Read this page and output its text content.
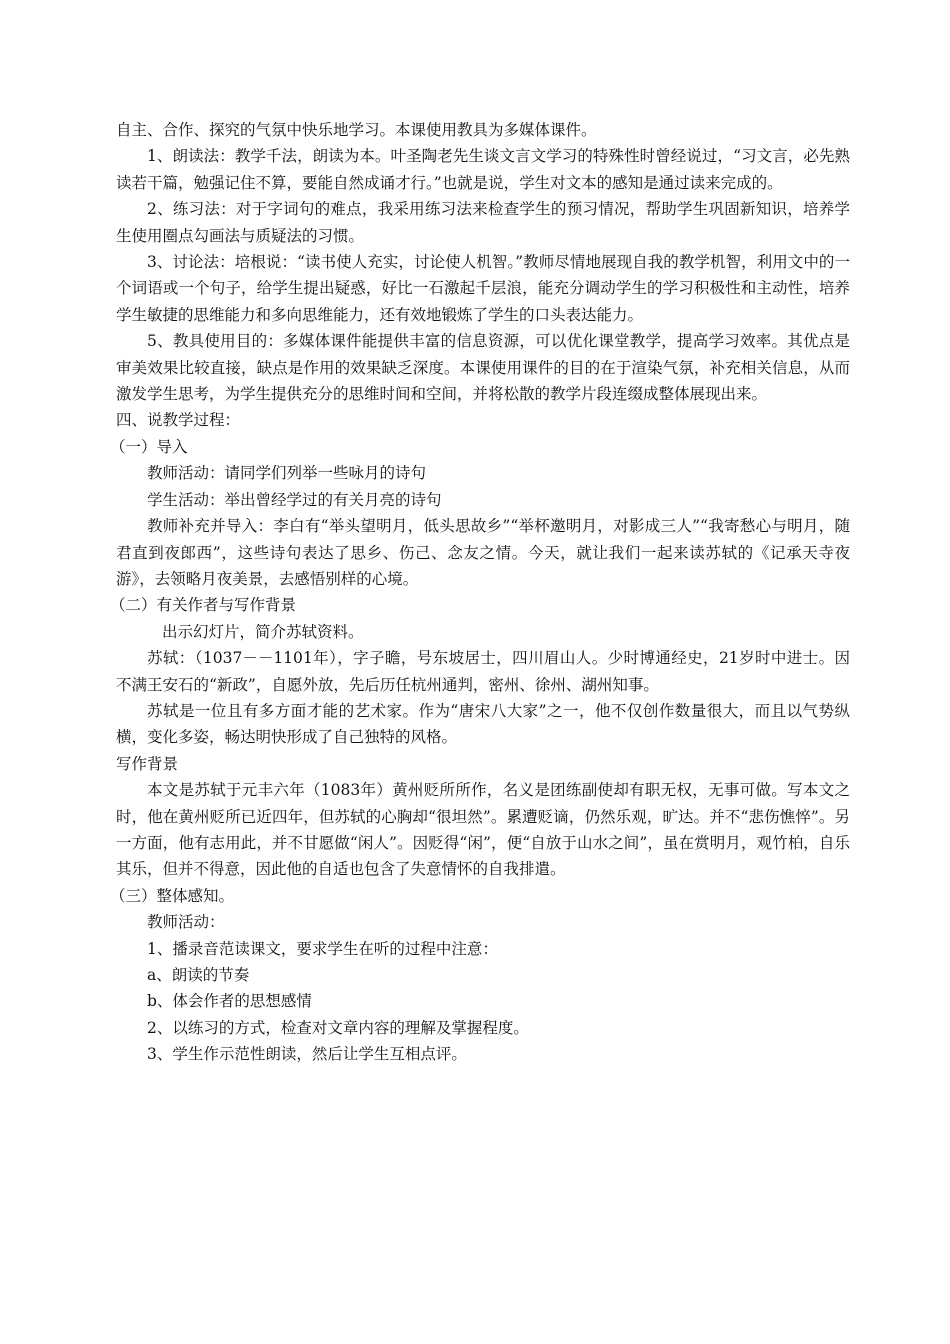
自主、合作、探究的气氛中快乐地学习。本课使用教具为多媒体课件。

1、朗读法：教学千法，朗读为本。叶圣陶老先生谈文言文学习的特殊性时曾经说过，“习文言，必先熟读若干篇，勉强记住不算，要能自然成诵才行。”也就是说，学生对文本的感知是通过读来完成的。

2、练习法：对于字词句的难点，我采用练习法来检查学生的预习情况，帮助学生巩固新知识，培养学生使用圈点勾画法与质疑法的习惯。

3、讨论法：培根说：“读书使人充实，讨论使人机智。”教师尽情地展现自我的教学机智，利用文中的一个词语或一个句子，给学生提出疑惑，好比一石激起千层浪，能充分调动学生的学习积极性和主动性，培养学生敏捷的思维能力和多向思维能力，还有效地锻炼了学生的口头表达能力。

5、教具使用目的：多媒体课件能提供丰富的信息资源，可以优化课堂教学，提高学习效率。其优点是审美效果比较直接，缺点是作用的效果缺乏深度。本课使用课件的目的在于渲染气氛，补充相关信息，从而激发学生思考，为学生提供充分的思维时间和空间，并将松散的教学片段连缀成整体展现出来。

四、说教学过程：

（一）导入

教师活动：请同学们列举一些咏月的诗句

学生活动：举出曾经学过的有关月亮的诗句

教师补充并导入：李白有“举头望明月，低头思故乡”“举杯邀明月，对影成三人”“我寄愁心与明月，随君直到夜郎西”，这些诗句表达了思乡、伤己、念友之情。今天，就让我们一起来读苏轼的《记承天寺夜游》，去领略月夜美景，去感悟别样的心境。

（二）有关作者与写作背景

出示幻灯片，简介苏轼资料。

苏轼：（1037－－1101年），字子瞻，号东坡居士，四川眉山人。少时博通经史，21岁时中进士。因不满王安石的“新政”，自愿外放，先后历任杭州通判，密州、徐州、湖州知事。

苏轼是一位且有多方面才能的艺术家。作为“唐宋八大家”之一，他不仅创作数量很大，而且以气势纵横，变化多姿，畅达明快形成了自己独特的风格。

写作背景

本文是苏轼于元丰六年（1083年）黄州贬所所作，名义是团练副使却有职无权，无事可做。写本文之时，他在黄州贬所已近四年，但苏轼的心胸却“很坦然”。累遭贬谪，仍然乐观，旷达。并不“悲伤憔悴”。另一方面，他有志用此，并不甘愿做“闲人”。因贬得“闲”，便“自放于山水之间”，虽在赏明月，观竹柏，自乐其乐，但并不得意，因此他的自适也包含了失意情怀的自我排遣。

（三）整体感知。

教师活动：

1、播录音范读课文，要求学生在听的过程中注意：

a、朗读的节奏

b、体会作者的思想感情

2、以练习的方式，检查对文章内容的理解及掌握程度。

3、学生作示范性朗读，然后让学生互相点评。
